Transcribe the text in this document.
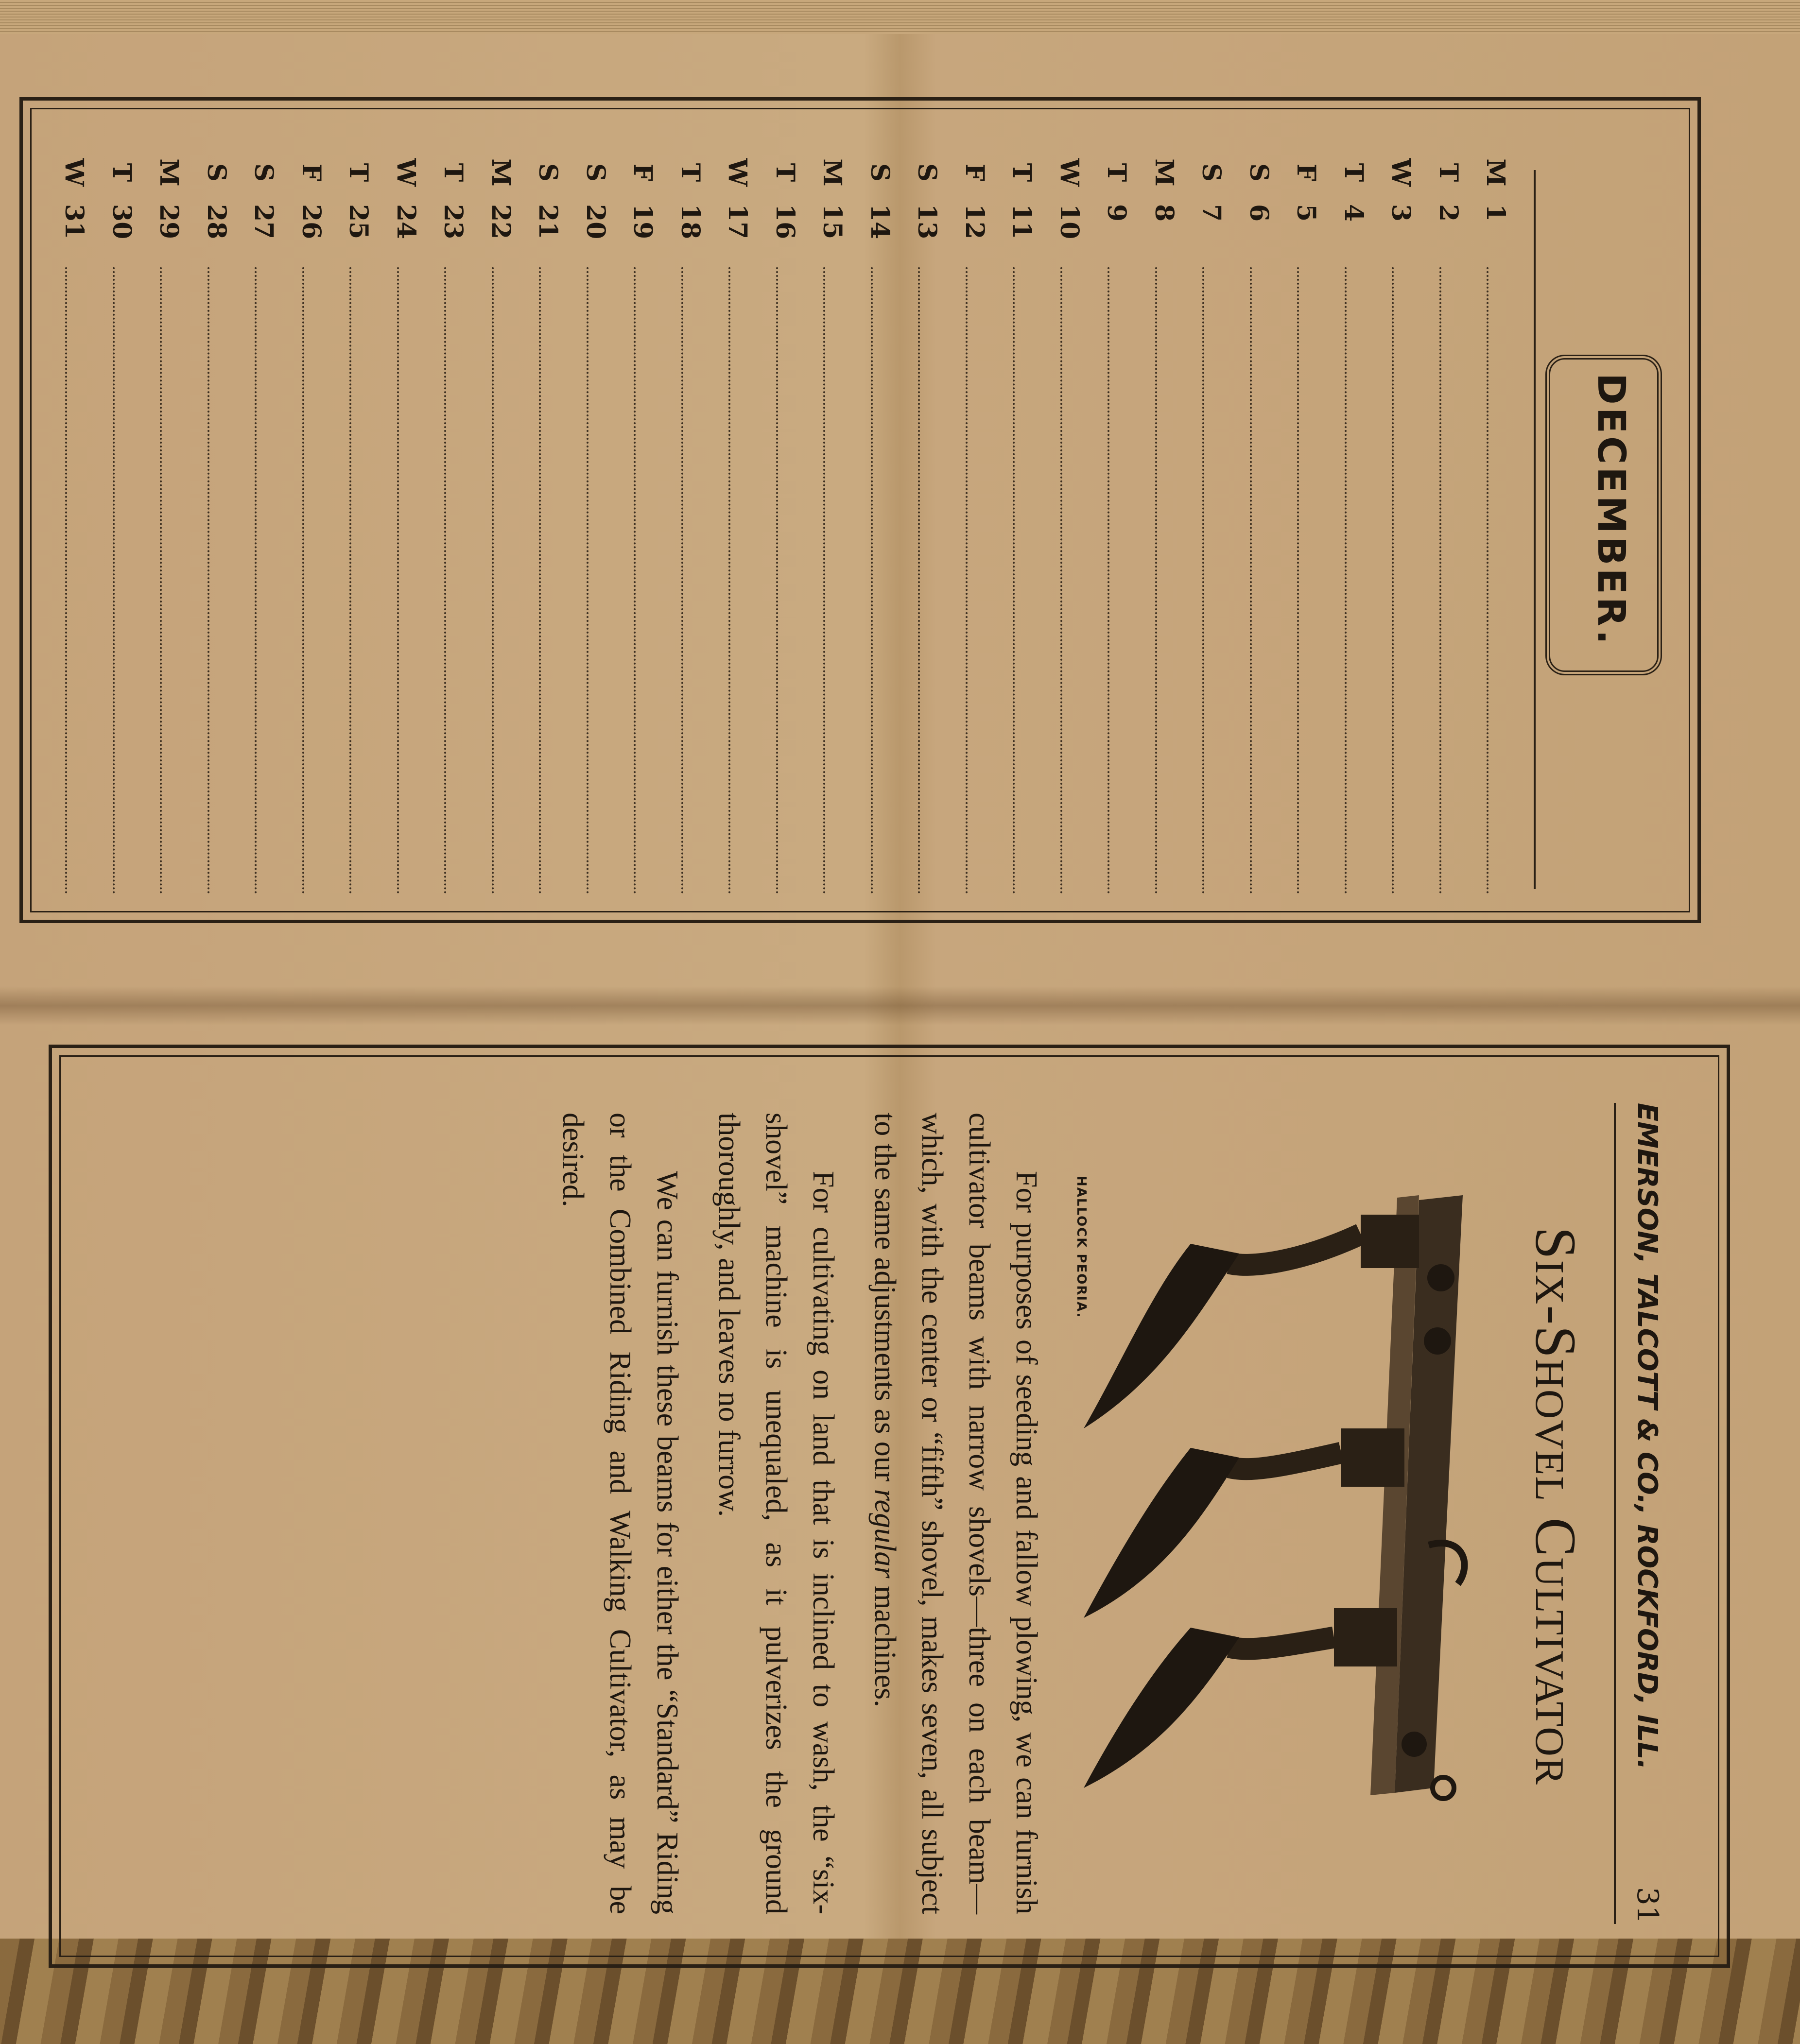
DECEMBER.
M
1
T
2
W
3
T
4
F
5
S
6
S
7
M
8
T
9
W
10
T
11
F
12
S
13
S
14
M
15
T
16
W
17
T
18
F
19
S
20
S
21
M
22
T
23
W
24
T
25
F
26
S
27
S
28
M
29
T
30
W
31
EMERSON, TALCOTT & CO., ROCKFORD, ILL.
31
Six-Shovel Cultivator
HALLOCK PEORIA.

For purposes of seeding and fallow plowing, we can furnish cultivator beams with narrow shovels—three on each beam—which, with the center or “fifth” shovel, makes seven, all subject to the same adjustments as our regular machines.

For cultivating on land that is inclined to wash, the “six-shovel” machine is unequaled, as it pulverizes the ground thoroughly, and leaves no furrow.

We can furnish these beams for either the “Standard” Riding or the Combined Riding and Walking Cultivator, as may be desired.
